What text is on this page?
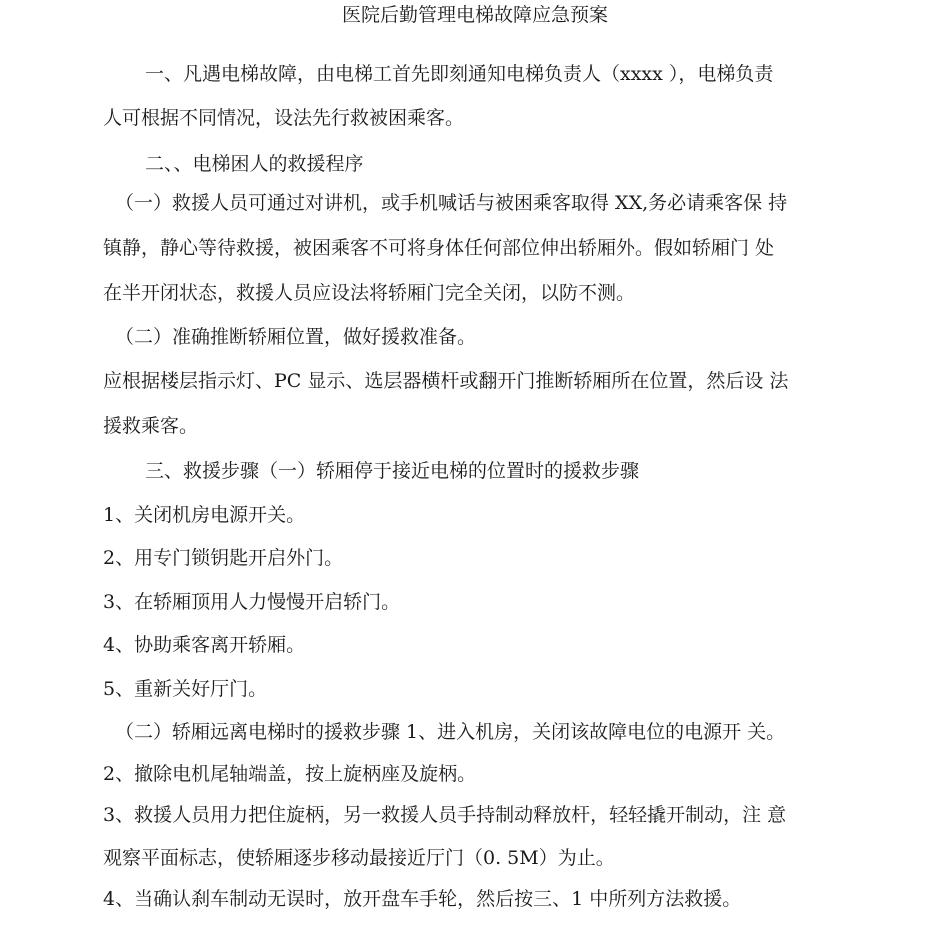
医院后勤管理电梯故障应急预案
一、凡遇电梯故障，由电梯工首先即刻通知电梯负责人（xxxx ），电梯负责
人可根据不同情况，设法先行救被困乘客。
二、、电梯困人的救援程序
（一）救援人员可通过对讲机，或手机喊话与被困乘客取得 XX,务必请乘客保 持
镇静，静心等待救援，被困乘客不可将身体任何部位伸出轿厢外。假如轿厢门 处
在半开闭状态，救援人员应设法将轿厢门完全关闭，以防不测。
（二）准确推断轿厢位置，做好援救准备。
应根据楼层指示灯、PC 显示、选层器横杆或翻开门推断轿厢所在位置，然后设 法
援救乘客。
三、救援步骤（一）轿厢停于接近电梯的位置时的援救步骤
1、关闭机房电源开关。
2、用专门锁钥匙开启外门。
3、在轿厢顶用人力慢慢开启轿门。
4、协助乘客离开轿厢。
5、重新关好厅门。
（二）轿厢远离电梯时的援救步骤 1、进入机房，关闭该故障电位的电源开 关。
2、撤除电机尾轴端盖，按上旋柄座及旋柄。
3、救援人员用力把住旋柄，另一救援人员手持制动释放杆，轻轻撬开制动，注 意
观察平面标志，使轿厢逐步移动最接近厅门（0. 5M）为止。
4、当确认刹车制动无误时，放开盘车手轮，然后按三、1 中所列方法救援。
